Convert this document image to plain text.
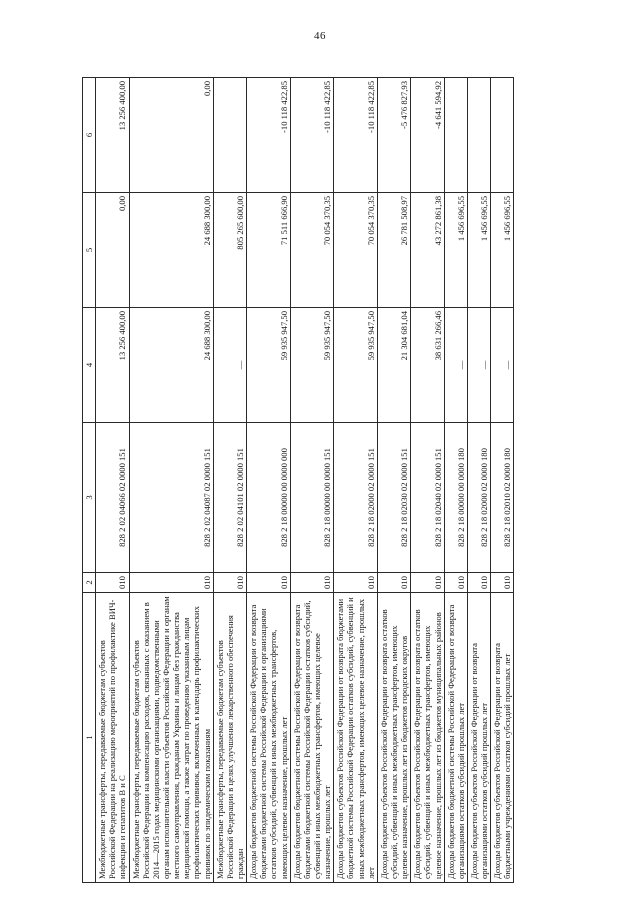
46
1	2	3	4	5	6
Межбюджетные трансферты, передаваемые бюджетам субъектов Российской Федерации на реализацию мероприятий по профилактике ВИЧ-инфекции и гепатитов B и C	010	828 2 02 04066 02 0000 151	13 256 400,00	0,00	13 256 400,00
Межбюджетные трансферты, передаваемые бюджетам субъектов Российской Федерации на компенсацию расходов, связанных с оказанием в 2014—2015 годах медицинскими организациями, подведомственными органам исполнительной власти субъектов Российской Федерации и органам местного самоуправления, гражданам Украины и лицам без гражданства медицинской помощи, а также затрат по проведению указанным лицам профилактических прививок, включенных в календарь профилактических прививок по эпидемическим показаниям	010	828 2 02 04087 02 0000 151	24 688 300,00	24 688 300,00	0,00
Межбюджетные трансферты, передаваемые бюджетам субъектов Российской Федерации в целях улучшения лекарственного обеспечения граждан	010	828 2 02 04101 02 0000 151	—	805 265 600,00	
Доходы бюджетов бюджетной системы Российской Федерации от возврата бюджетами бюджетной системы Российской Федерации и организациями остатков субсидий, субвенций и иных межбюджетных трансфертов, имеющих целевое назначение, прошлых лет	010	828 2 18 00000 00 0000 000	59 935 947,50	71 511 666,90	-10 118 422,85
Доходы бюджетов бюджетной системы Российской Федерации от возврата бюджетами бюджетной системы Российской Федерации остатков субсидий, субвенций и иных межбюджетных трансфертов, имеющих целевое назначение, прошлых лет	010	828 2 18 00000 00 0000 151	59 935 947,50	70 054 370,35	-10 118 422,85
Доходы бюджетов субъектов Российской Федерации от возврата бюджетами бюджетной системы Российской Федерации остатков субсидий, субвенций и иных межбюджетных трансфертов, имеющих целевое назначение, прошлых лет	010	828 2 18 02000 02 0000 151	59 935 947,50	70 054 370,35	-10 118 422,85
Доходы бюджетов субъектов Российской Федерации от возврата остатков субсидий, субвенций и иных межбюджетных трансфертов, имеющих целевое назначение, прошлых лет из бюджетов городских округов	010	828 2 18 02030 02 0000 151	21 304 681,04	26 781 508,97	-5 476 827,93
Доходы бюджетов субъектов Российской Федерации от возврата остатков субсидий, субвенций и иных межбюджетных трансфертов, имеющих целевое назначение, прошлых лет из бюджетов муниципальных районов	010	828 2 18 02040 02 0000 151	38 631 266,46	43 272 861,38	-4 641 594,92
Доходы бюджетов бюджетной системы Российской Федерации от возврата организациями остатков субсидий прошлых лет	010	828 2 18 00000 00 0000 180	—	1 456 696,55	
Доходы бюджетов субъектов Российской Федерации от возврата организациями остатков субсидий прошлых лет	010	828 2 18 02000 02 0000 180	—	1 456 696,55	
Доходы бюджетов субъектов Российской Федерации от возврата бюджетными учреждениями остатков субсидий прошлых лет	010	828 2 18 02010 02 0000 180	—	1 456 696,55	
